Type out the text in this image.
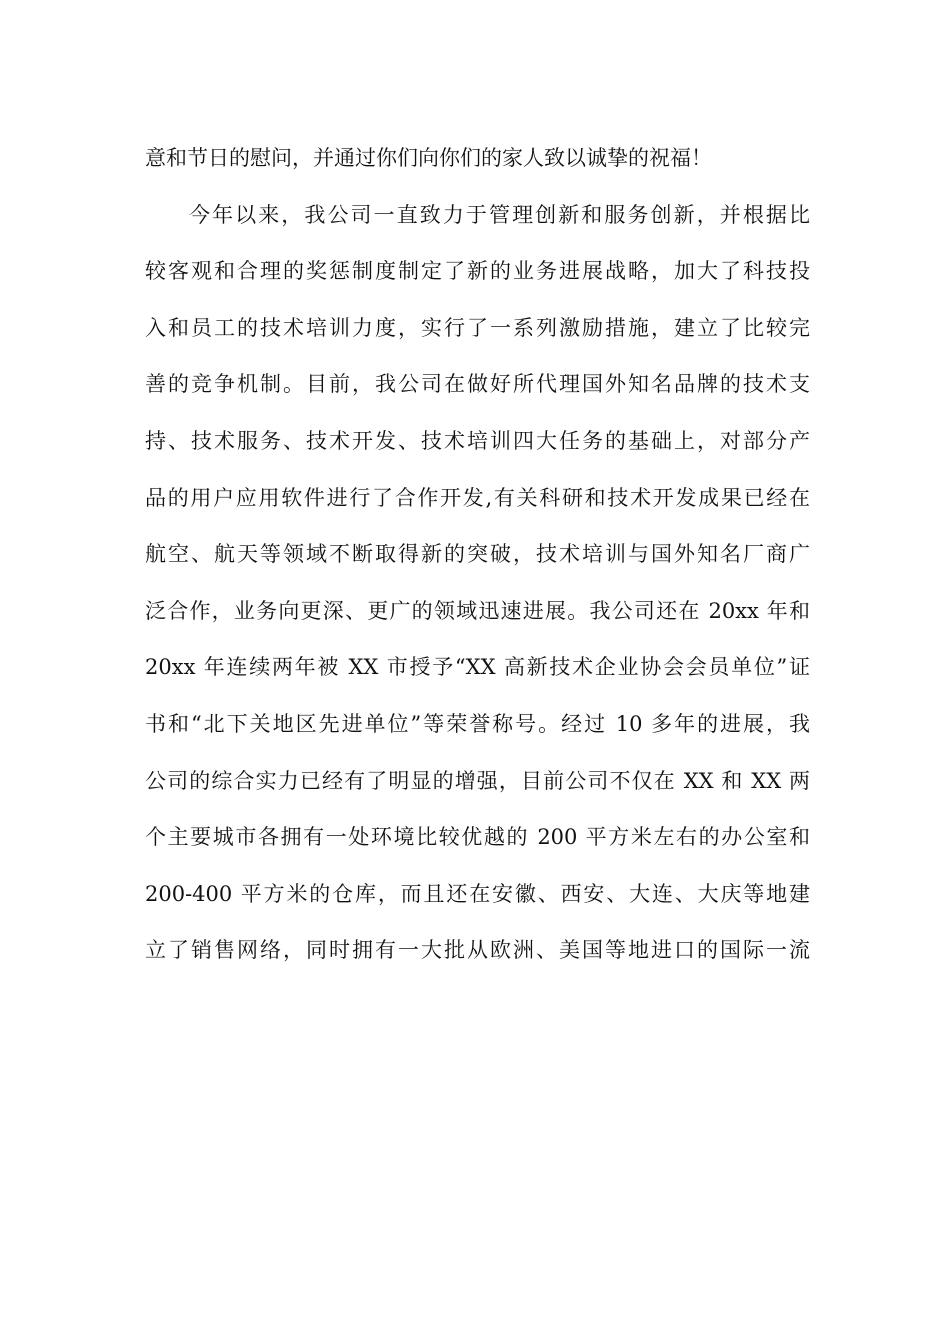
意和节日的慰问，并通过你们向你们的家人致以诚挚的祝福！
今年以来，我公司一直致力于管理创新和服务创新，并根据比
较客观和合理的奖惩制度制定了新的业务进展战略，加大了科技投
入和员工的技术培训力度，实行了一系列激励措施，建立了比较完
善的竞争机制。目前，我公司在做好所代理国外知名品牌的技术支
持、技术服务、技术开发、技术培训四大任务的基础上，对部分产
品的用户应用软件进行了合作开发,有关科研和技术开发成果已经在
航空、航天等领域不断取得新的突破，技术培训与国外知名厂商广
泛合作，业务向更深、更广的领域迅速进展。我公司还在 20xx 年和
20xx 年连续两年被 XX 市授予“XX 高新技术企业协会会员单位”证
书和“北下关地区先进单位”等荣誉称号。经过 10 多年的进展，我
公司的综合实力已经有了明显的增强，目前公司不仅在 XX 和 XX 两
个主要城市各拥有一处环境比较优越的 200 平方米左右的办公室和
200-400 平方米的仓库，而且还在安徽、西安、大连、大庆等地建
立了销售网络，同时拥有一大批从欧洲、美国等地进口的国际一流
